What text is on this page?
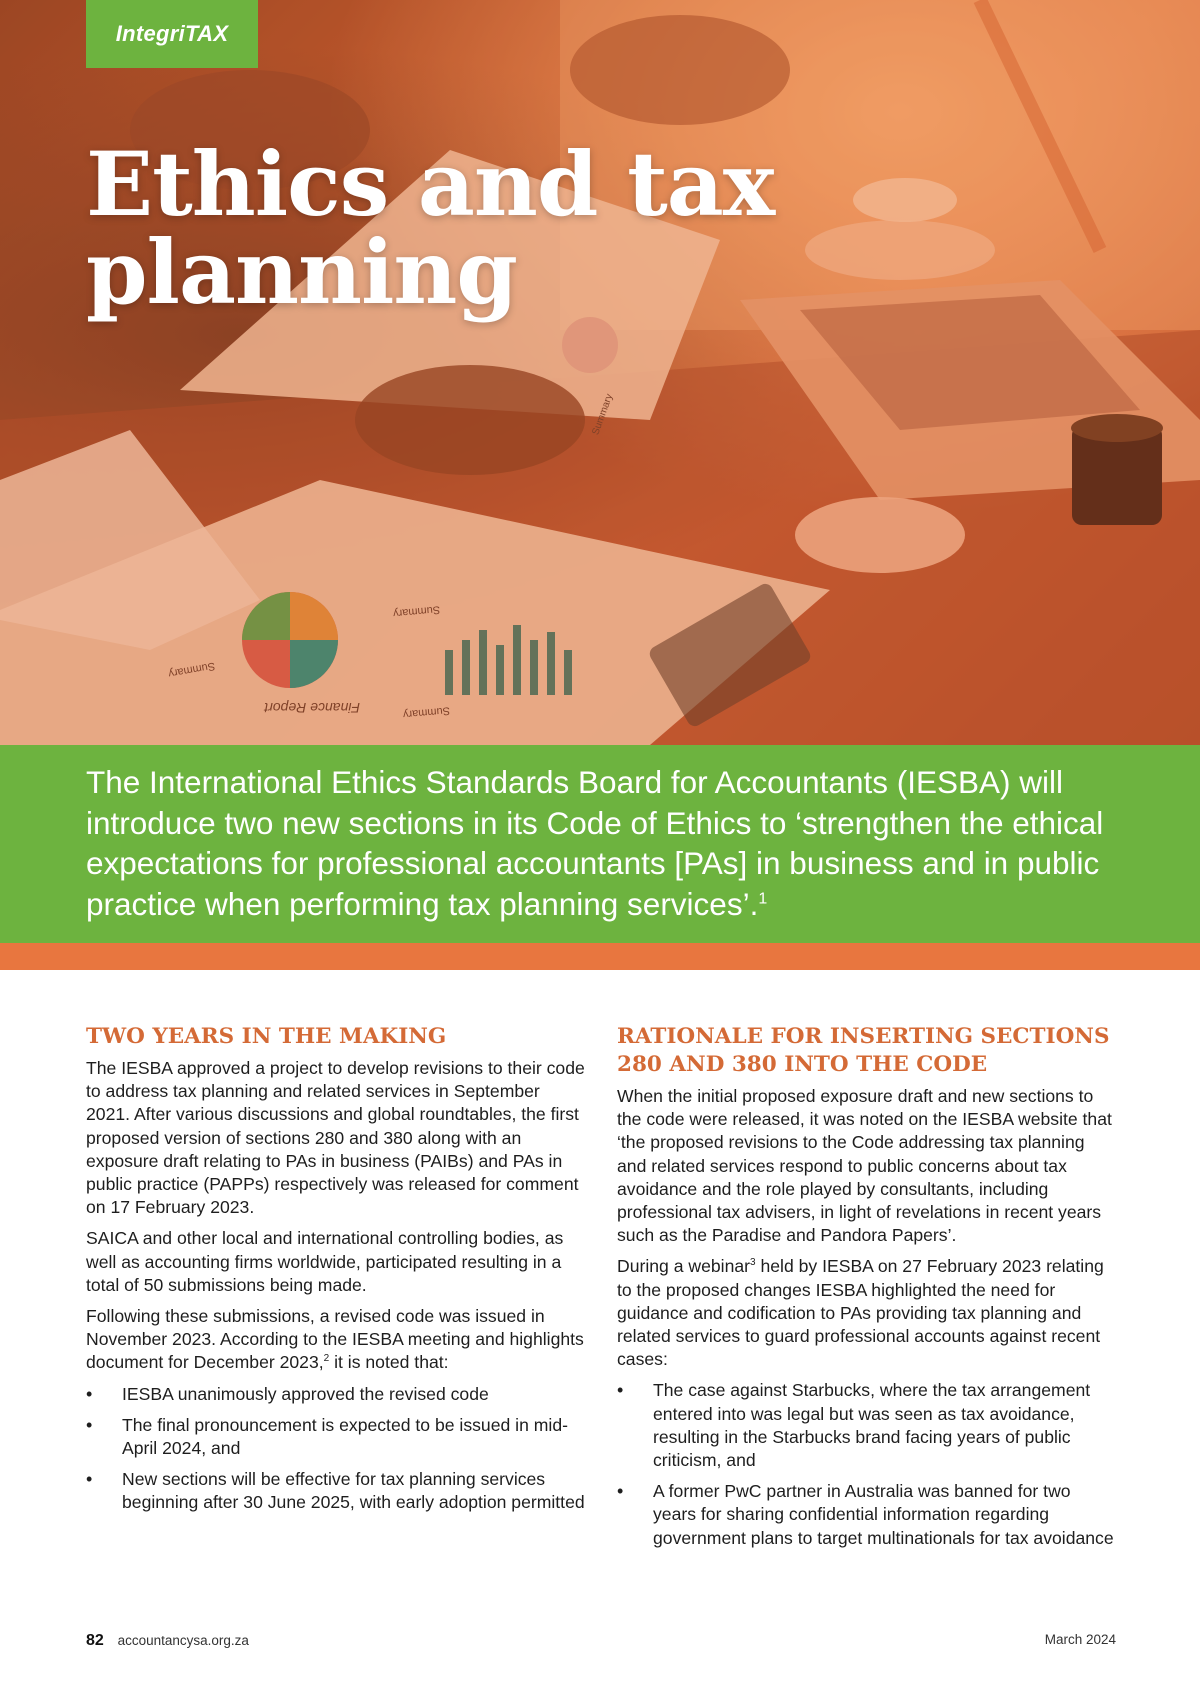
Finance Report
Summary
Summary
Summary
Summary
IntegriTAX
Ethics and tax
planning

The International Ethics Standards Board for Accountants (IESBA) will introduce two new sections in its Code of Ethics to ‘strengthen the ethical expectations for professional accountants [PAs] in business and in public practice when performing tax planning services’.$^1$

TWO YEARS IN THE MAKING

The IESBA approved a project to develop revisions to their code to address tax planning and related services in September 2021. After various discussions and global roundtables, the first proposed version of sections 280 and 380 along with an exposure draft relating to PAs in business (PAIBs) and PAs in public practice (PAPPs) respectively was released for comment on 17 February 2023.

SAICA and other local and international controlling bodies, as well as accounting firms worldwide, participated resulting in a total of 50 submissions being made.

Following these submissions, a revised code was issued in November 2023. According to the IESBA meeting and highlights document for December 2023,$^2$ it is noted that:

• IESBA unanimously approved the revised code
• The final pronouncement is expected to be issued in mid-April 2024, and
• New sections will be effective for tax planning services beginning after 30 June 2025, with early adoption permitted
RATIONALE FOR INSERTING SECTIONS 280 AND 380 INTO THE CODE

When the initial proposed exposure draft and new sections to the code were released, it was noted on the IESBA website that ‘the proposed revisions to the Code addressing tax planning and related services respond to public concerns about tax avoidance and the role played by consultants, including professional tax advisers, in light of revelations in recent years such as the Paradise and Pandora Papers’.

During a webinar$^3$ held by IESBA on 27 February 2023 relating to the proposed changes IESBA highlighted the need for guidance and codification to PAs providing tax planning and related services to guard professional accounts against recent cases:

• The case against Starbucks, where the tax arrangement entered into was legal but was seen as tax avoidance, resulting in the Starbucks brand facing years of public criticism, and
• A former PwC partner in Australia was banned for two years for sharing confidential information regarding government plans to target multinationals for tax avoidance
82 accountancysa.org.za	March 2024
